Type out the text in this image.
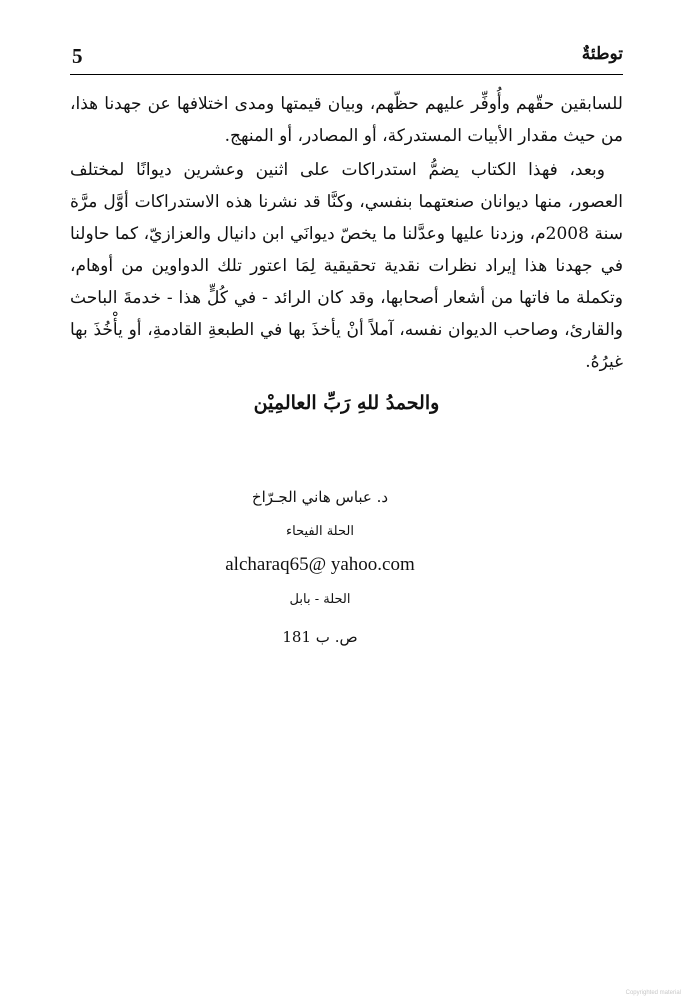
5	توطئةٌ

للسابقين حقّهم وأُوفِّر عليهم حظّهم، وبيان قيمتها ومدى اختلافها عن جهدنا هذا، من حيث مقدار الأبيات المستدركة، أو المصادر، أو المنهج.

وبعد، فهذا الكتاب يضمُّ استدراكات على اثنين وعشرين ديوانًا لمختلف العصور، منها ديوانان صنعتهما بنفسي، وكنَّا قد نشرنا هذه الاستدراكات أوَّل مرَّة سنة 2008م، وزدنا عليها وعدَّلنا ما يخصّ ديوانَي ابن دانيال والعزازيّ، كما حاولنا في جهدنا هذا إيراد نظرات نقدية تحقيقية لِمَا اعتور تلك الدواوين من أوهام، وتكملة ما فاتها من أشعار أصحابها، وقد كان الرائد - في كُلٍّ هذا - خدمةَ الباحث والقارئ، وصاحب الديوان نفسه، آملاً أنْ يأخذَ بها في الطبعةِ القادمةِ، أو يأْخُذَ بها غيرُهُ.

والحمدُ للهِ رَبِّ العالمِيْن
د. عباس هاني الجـرّاخ
الحلة الفيحاء
alcharaq65@ yahoo.com
الحلة - بابل
ص. ب 181
Copyrighted material
